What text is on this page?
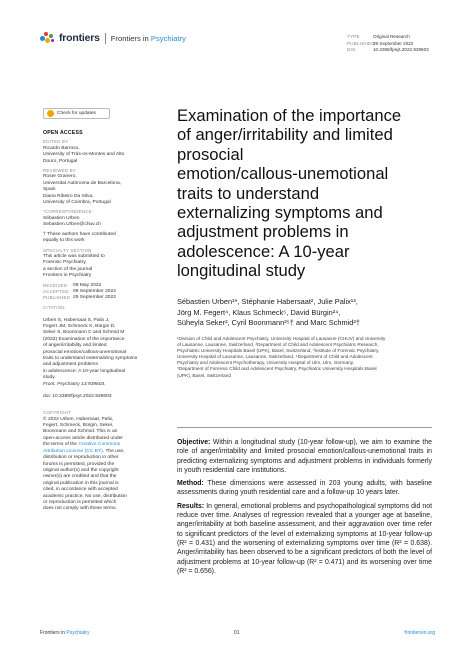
frontiers Frontiers in Psychiatry	TYPE	Original Research
PUBLISHED29 September 2022
DOI	10.3389/fpsyt.2022.939603
Check for updates
OPEN ACCESS
EDITED BY
Ricardo Barroso,
University of Trás-os-Montes and Alto
Douro, Portugal
REVIEWED BY
Roser Granero,
Universitat Autònoma de Barcelona,
Spain
Diana Ribeiro Da Silva,
University of Coimbra, Portugal
*CORRESPONDENCE
Sébastien Urben
Sebastien.Urben@chuv.ch
† These authors have contributed
equally to this work
SPECIALTY SECTION
This article was submitted to
Forensic Psychiatry,
a section of the journal
Frontiers in Psychiatry
RECEIVED	09 May 2022
ACCEPTED 09 September 2022
PUBLISHED 29 September 2022
CITATION

Urben S, Habersaat S, Palix J,
Fegert JM, Schmeck K, Bürgin D,
Seker S, Boonmann C and Schmid M
(2022) Examination of the importance
of anger/irritability and limited
prosocial emotion/callous-unemotional
traits to understand externalizing symptoms
and adjustment problems
in adolescence: A 10-year longitudinal
study.

Front. Psychiatry 13:939603.

doi: 10.3389/fpsyt.2022.939603

COPYRIGHT
© 2022 Urben, Habersaat, Palix,
Fegert, Schmeck, Bürgin, Seker,
Boonmann and Schmid. This is an
open-access article distributed under
the terms of the Creative Commons
Attribution License (CC BY). The use,
distribution or reproduction in other
forums is permitted, provided the
original author(s) and the copyright
owner(s) are credited and that the
original publication in this journal is
cited, in accordance with accepted
academic practice. No use, distribution
or reproduction is permitted which
does not comply with these terms.
Examination of the importance
of anger/irritability and limited
prosocial
emotion/callous-unemotional
traits to understand
externalizing symptoms and
adjustment problems in
adolescence: A 10-year
longitudinal study
Sébastien Urben¹*, Stéphanie Habersaat², Julie Palix¹³,
Jörg M. Fegert⁴, Klaus Schmeck⁵, David Bürgin²⁴,
Süheyla Seker², Cyril Boonmann²⁵† and Marc Schmid²†
¹Division of Child and Adolescent Psychiatry, University Hospital of Lausanne (CHUV) and University
of Lausanne, Lausanne, Switzerland, ²Department of Child and Adolescent Psychiatric Research,
Psychiatric University Hospitals Basel (UPK), Basel, Switzerland, ³Institute of Forensic Psychiatry,
University Hospital of Lausanne, Lausanne, Switzerland, ⁴Department of Child and Adolescent
Psychiatry and Adolescent Psychotherapy, University Hospital of Ulm, Ulm, Germany,
⁵Department of Forensic Child and Adolescent Psychiatry, Psychiatric University Hospitals Basel
(UPK), Basel, Switzerland

Objective: Within a longitudinal study (10-year follow-up), we aim to examine the role of anger/irritability and limited prosocial emotion/callous-unemotional traits in predicting externalizing symptoms and adjustment problems in individuals formerly in youth residential care institutions.

Method: These dimensions were assessed in 203 young adults, with baseline assessments during youth residential care and a follow-up 10 years later.

Results: In general, emotional problems and psychopathological symptoms did not reduce over time. Analyses of regression revealed that a younger age at baseline, anger/irritability at both baseline assessment, and their aggravation over time refer to significant predictors of the level of externalizing symptoms at 10-year follow-up (R² = 0.431) and the worsening of externalizing symptoms over time (R² = 0.638). Anger/irritability has been observed to be a significant predictors of both the level of adjustment problems at 10-year follow-up (R² = 0.471) and its worsening over time (R² = 0.656).

Frontiers in Psychiatry	01	frontiersin.org
